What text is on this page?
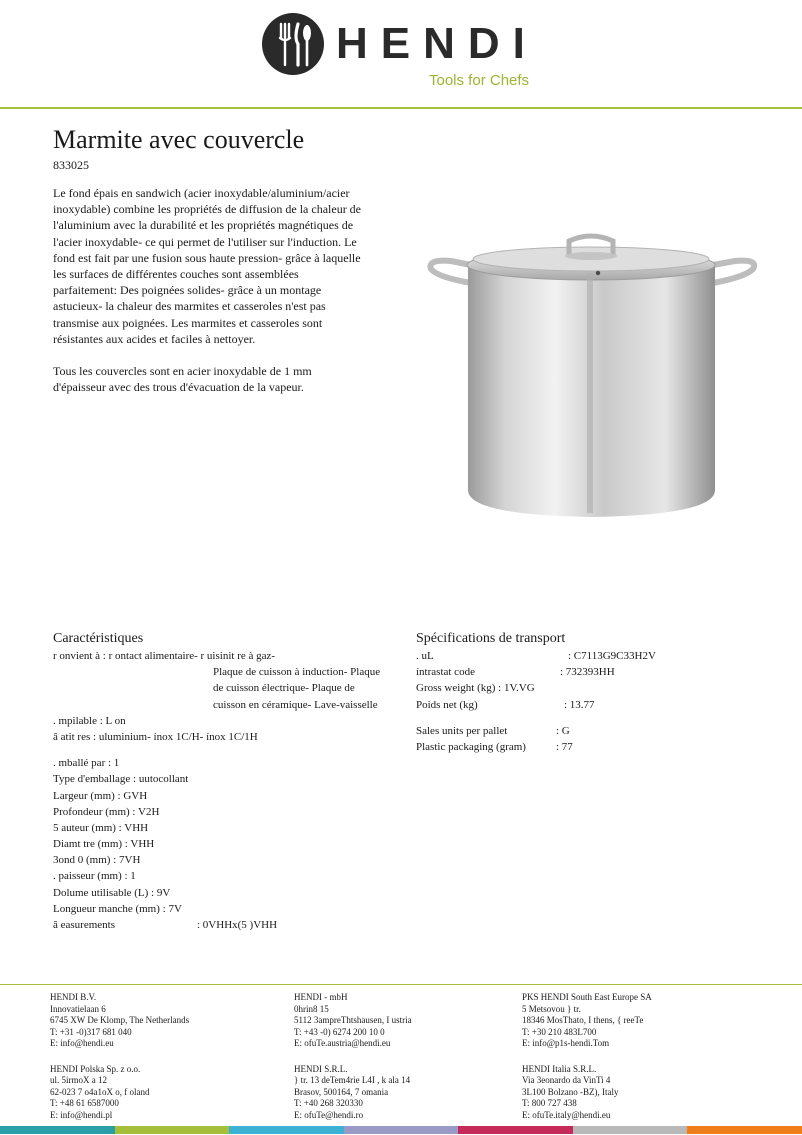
HENDI
Tools for Chefs
Marmite avec couvercle
833025

Le fond épais en sandwich (acier inoxydable/aluminium/acier inoxydable) combine les propriétés de diffusion de la chaleur de l'aluminium avec la durabilité et les propriétés magnétiques de l'acier inoxydable- ce qui permet de l'utiliser sur l'induction. Le fond est fait par une fusion sous haute pression- grâce à laquelle les surfaces de différentes couches sont assemblées parfaitement: Des poignées solides- grâce à un montage astucieux- la chaleur des marmites et casseroles n'est pas transmise aux poignées. Les marmites et casseroles sont résistantes aux acides et faciles à nettoyer.

Tous les couvercles sont en acier inoxydable de 1 mm d'épaisseur avec des trous d'évacuation de la vapeur.

Caractéristiques
r onvient à : r ontact alimentaire- r uisinit re à gaz-
Plaque de cuisson à induction- Plaque
de cuisson électrique- Plaque de
cuisson en céramique- Lave-vaisselle
. mpilable : L on
â atit res : uluminium- ínox 1C/H- ínox 1C/1H
. mballé par : 1
Type d'emballage : uutocollant
Largeur (mm) : GVH
Profondeur (mm) : V2H
5 auteur (mm) : VHH
Diamt tre (mm) : VHH
3ond 0 (mm) : 7VH
. paisseur (mm) : 1
Dolume utilisable (L) : 9V
Longueur manche (mm) : 7V
â easurements	: 0VHHx(5 )VHH
Spécifications de transport
. uL	: C7113G9C33H2V
íntrastat code	: 732393HH
Gross weight (kg) : 1V.VG
Poids net (kg)	: 13.77
Sales units per pallet	: G
Plastic packaging (gram)	: 77
HENDI B.V.
Innovatielaan 6
6745 XW De Klomp, The Netherlands
T: +31 -0)317 681 040
E: info@hendi.eu
HENDI Polska Sp. z o.o.
ul. 5irmoX a 12
62-023 7 o4a1oX o, f oland
T: +48 61 6587000
E: info@hendi.pl
HENDI - mbH
0hrin8 15
5112 3ampreThtshausen, I ustria
T: +43 -0) 6274 200 10 0
E: ofuTe.austria@hendi.eu
HENDI S.R.L.
} tr. 13 deTem4rie L4I , k ala 14
Brasov, 500164, 7 omania
T: +40 268 320330
E: ofuTe@hendi.ro
PKS HENDI South East Europe SA
5 Metsovou } tr.
18346 MosThato, I thens, { reeTe
T: +30 210 483L700
E: info@p1s-hendi.Tom
HENDI Italia S.R.L.
Via 3eonardo da VinTi 4
3L100 Bolzano -BZ), Italy
T: 800 727 438
E: ofuTe.italy@hendi.eu
